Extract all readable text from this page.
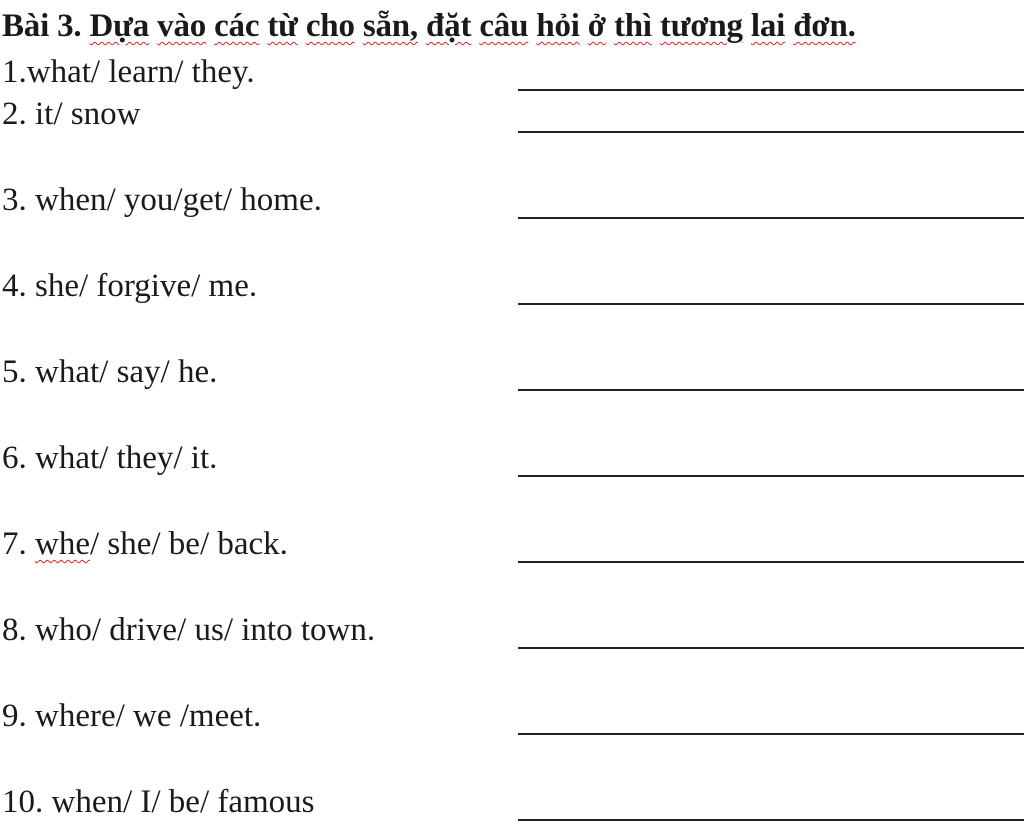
Bài 3. Dựa vào các từ cho sẵn, đặt câu hỏi ở thì tương lai đơn.
1.what/ learn/ they.
2. it/ snow
3. when/ you/get/ home.
4. she/ forgive/ me.
5. what/ say/ he.
6. what/ they/ it.
7. whe/ she/ be/ back.
8. who/ drive/ us/ into town.
9. where/ we /meet.
10. when/ I/ be/ famous
